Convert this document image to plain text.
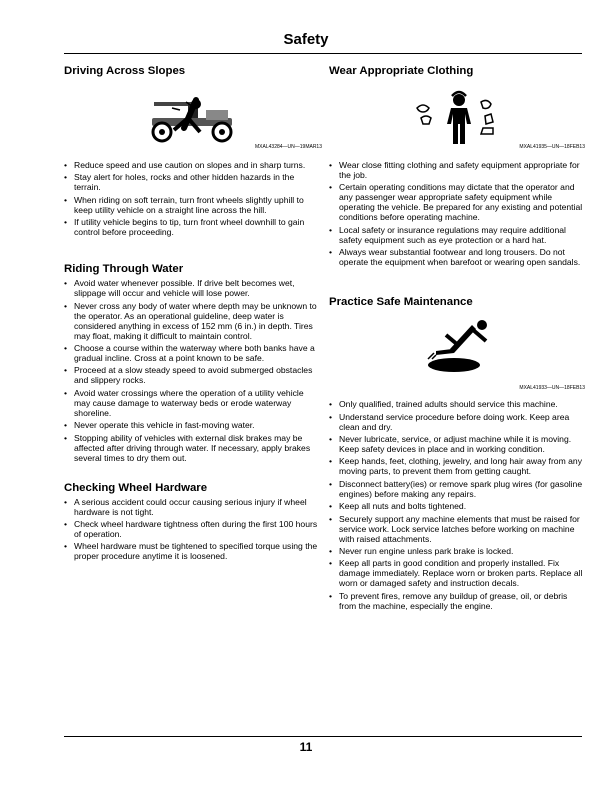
Safety
Driving Across Slopes
MXAL43284—UN—19MAR13
• Reduce speed and use caution on slopes and in sharp turns.
• Stay alert for holes, rocks and other hidden hazards in the terrain.
• When riding on soft terrain, turn front wheels slightly uphill to keep utility vehicle on a straight line across the hill.
• If utility vehicle begins to tip, turn front wheel downhill to gain control before proceeding.
Riding Through Water
• Avoid water whenever possible. If drive belt becomes wet, slippage will occur and vehicle will lose power.
• Never cross any body of water where depth may be unknown to the operator. As an operational guideline, deep water is considered anything in excess of 152 mm (6 in.) in depth. Tires may float, making it difficult to maintain control.
• Choose a course within the waterway where both banks have a gradual incline. Cross at a point known to be safe.
• Proceed at a slow steady speed to avoid submerged obstacles and slippery rocks.
• Avoid water crossings where the operation of a utility vehicle may cause damage to waterway beds or erode waterway shoreline.
• Never operate this vehicle in fast-moving water.
• Stopping ability of vehicles with external disk brakes may be affected after driving through water. If necessary, apply brakes several times to dry them out.
Checking Wheel Hardware
• A serious accident could occur causing serious injury if wheel hardware is not tight.
• Check wheel hardware tightness often during the first 100 hours of operation.
• Wheel hardware must be tightened to specified torque using the proper procedure anytime it is loosened.
Wear Appropriate Clothing
MXAL41935—UN—18FEB13
• Wear close fitting clothing and safety equipment appropriate for the job.
• Certain operating conditions may dictate that the operator and any passenger wear appropriate safety equipment while operating the vehicle. Be prepared for any existing and potential conditions before operating machine.
• Local safety or insurance regulations may require additional safety equipment such as eye protection or a hard hat.
• Always wear substantial footwear and long trousers. Do not operate the equipment when barefoot or wearing open sandals.
Practice Safe Maintenance
MXAL41933—UN—18FEB13
• Only qualified, trained adults should service this machine.
• Understand service procedure before doing work. Keep area clean and dry.
• Never lubricate, service, or adjust machine while it is moving. Keep safety devices in place and in working condition.
• Keep hands, feet, clothing, jewelry, and long hair away from any moving parts, to prevent them from getting caught.
• Disconnect battery(ies) or remove spark plug wires (for gasoline engines) before making any repairs.
• Keep all nuts and bolts tightened.
• Securely support any machine elements that must be raised for service work. Lock service latches before working on machine with raised attachments.
• Never run engine unless park brake is locked.
• Keep all parts in good condition and properly installed. Fix damage immediately. Replace worn or broken parts. Replace all worn or damaged safety and instruction decals.
• To prevent fires, remove any buildup of grease, oil, or debris from the machine, especially the engine.
11
